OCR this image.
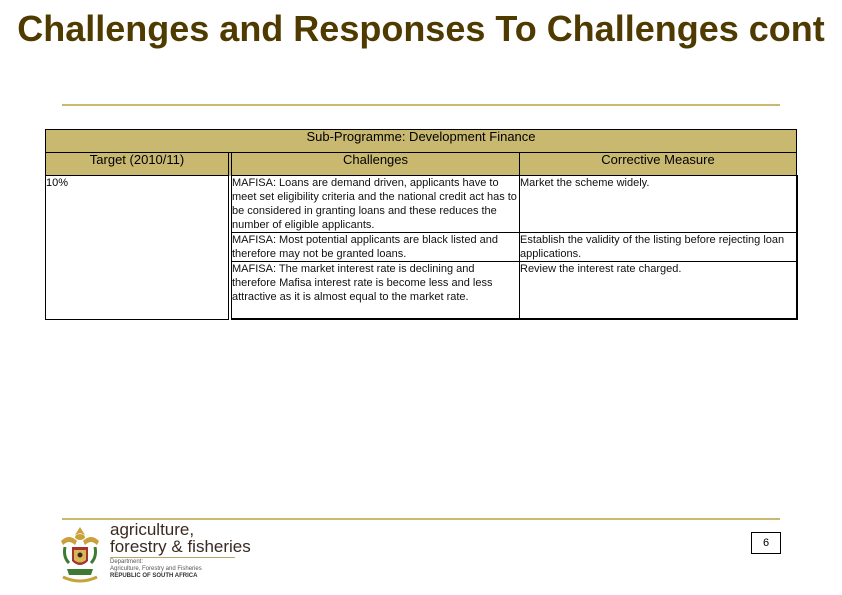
Challenges and Responses To Challenges cont
Sub-Programme: Development Finance			
Target (2010/11)		Challenges	Corrective Measure
10%		MAFISA: Loans are demand driven, applicants have to meet set eligibility criteria and the national credit act has to be considered in granting loans and these reduces the number of eligible applicants.	Market the scheme widely.
		MAFISA: Most potential applicants are black listed and therefore may not be granted loans.	Establish the validity of the listing before rejecting loan applications.
		MAFISA: The market interest rate is declining and therefore Mafisa interest rate is become less and less attractive as it is almost equal to the market rate.	Review the interest rate charged.
agriculture,
forestry & fisheries
Department:
Agriculture, Forestry and Fisheries
REPUBLIC OF SOUTH AFRICA
6
